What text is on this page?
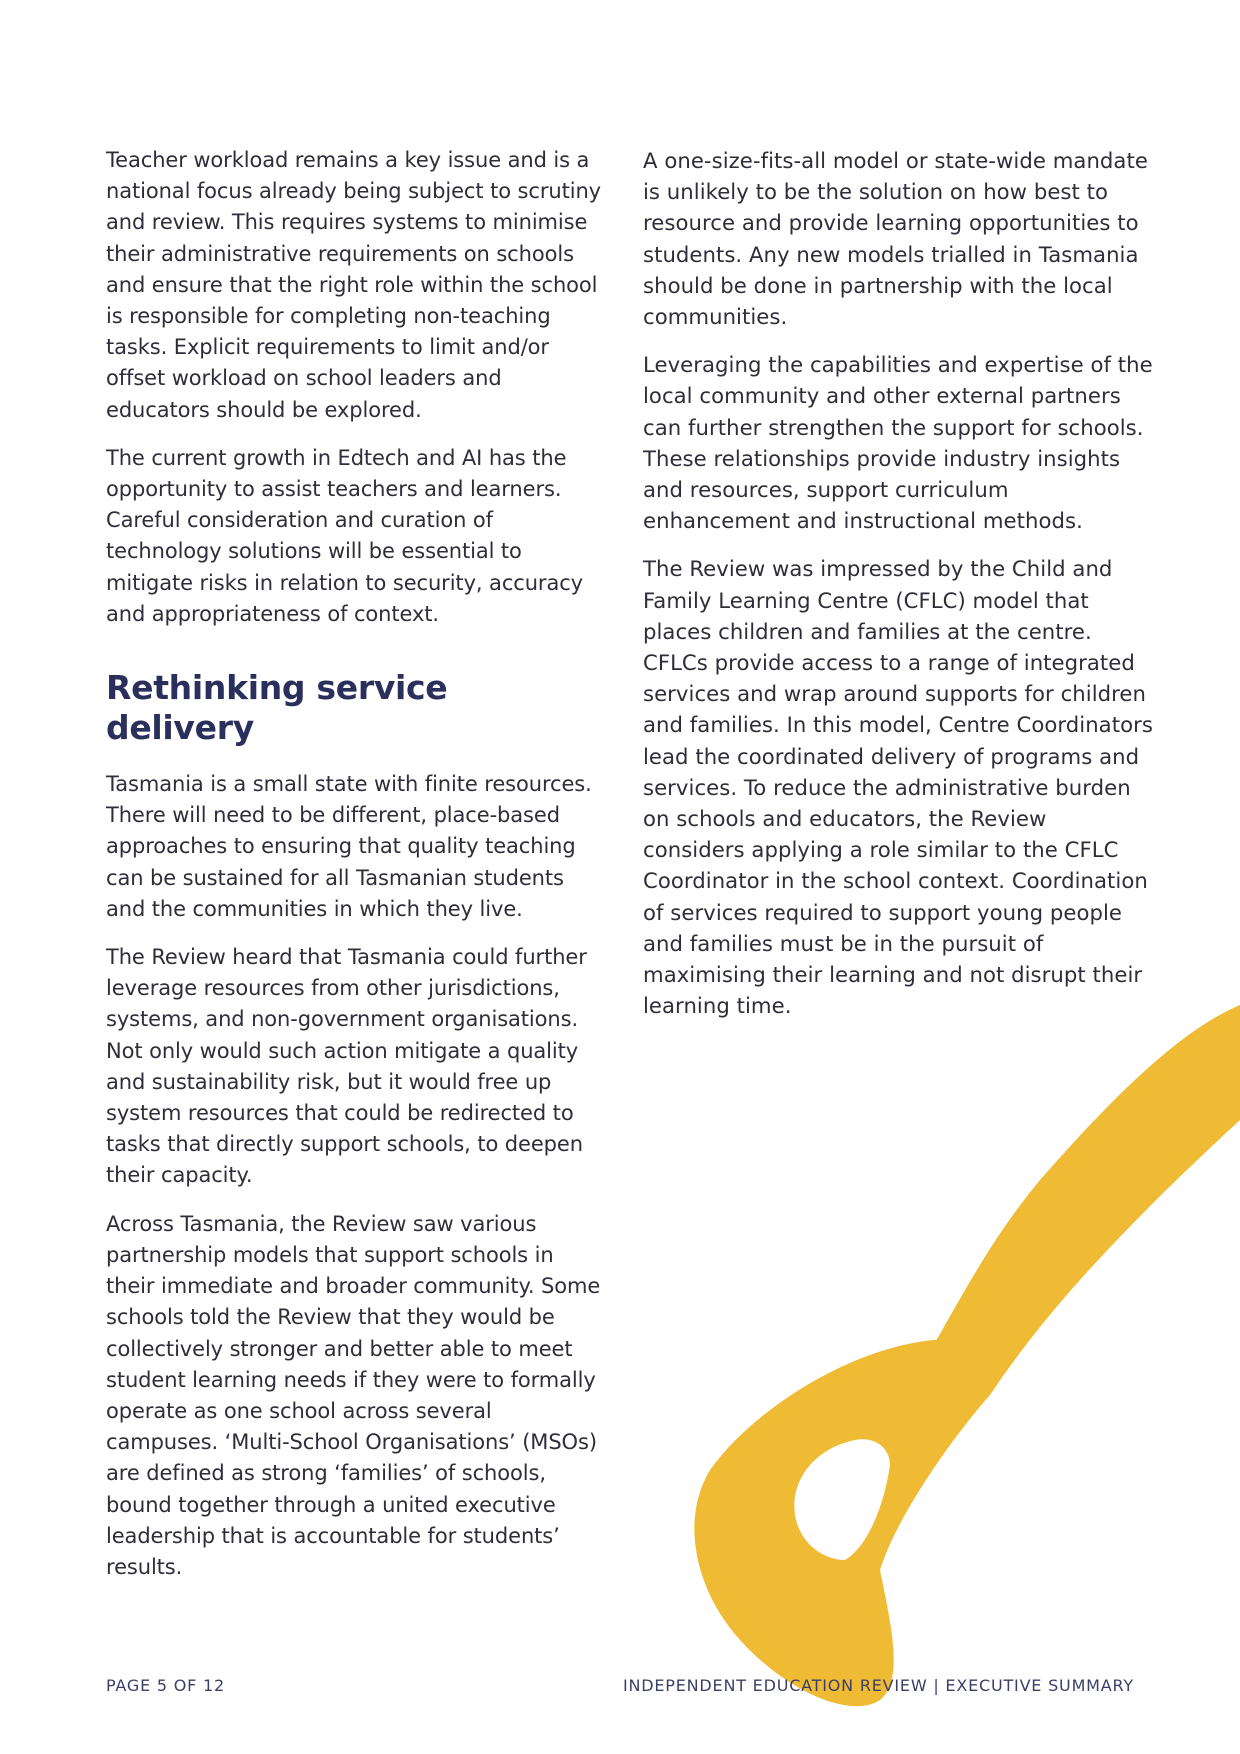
Teacher workload remains a key issue and is a national focus already being subject to scrutiny and review. This requires systems to minimise their administrative requirements on schools and ensure that the right role within the school is responsible for completing non-teaching tasks. Explicit requirements to limit and/or offset workload on school leaders and educators should be explored.

The current growth in Edtech and AI has the opportunity to assist teachers and learners. Careful consideration and curation of technology solutions will be essential to mitigate risks in relation to security, accuracy and appropriateness of context.

Rethinking service delivery

Tasmania is a small state with finite resources. There will need to be different, place-based approaches to ensuring that quality teaching can be sustained for all Tasmanian students and the communities in which they live.

The Review heard that Tasmania could further leverage resources from other jurisdictions, systems, and non-government organisations. Not only would such action mitigate a quality and sustainability risk, but it would free up system resources that could be redirected to tasks that directly support schools, to deepen their capacity.

Across Tasmania, the Review saw various partnership models that support schools in their immediate and broader community. Some schools told the Review that they would be collectively stronger and better able to meet student learning needs if they were to formally operate as one school across several campuses. ‘Multi-School Organisations’ (MSOs) are defined as strong ‘families’ of schools, bound together through a united executive leadership that is accountable for students’ results.

A one-size-fits-all model or state-wide mandate is unlikely to be the solution on how best to resource and provide learning opportunities to students. Any new models trialled in Tasmania should be done in partnership with the local communities.

Leveraging the capabilities and expertise of the local community and other external partners can further strengthen the support for schools. These relationships provide industry insights and resources, support curriculum enhancement and instructional methods.

The Review was impressed by the Child and Family Learning Centre (CFLC) model that places children and families at the centre. CFLCs provide access to a range of integrated services and wrap around supports for children and families. In this model, Centre Coordinators lead the coordinated delivery of programs and services. To reduce the administrative burden on schools and educators, the Review considers applying a role similar to the CFLC Coordinator in the school context. Coordination of services required to support young people and families must be in the pursuit of maximising their learning and not disrupt their learning time.

PAGE 5 OF 12	INDEPENDENT EDUCATION REVIEW | EXECUTIVE SUMMARY
